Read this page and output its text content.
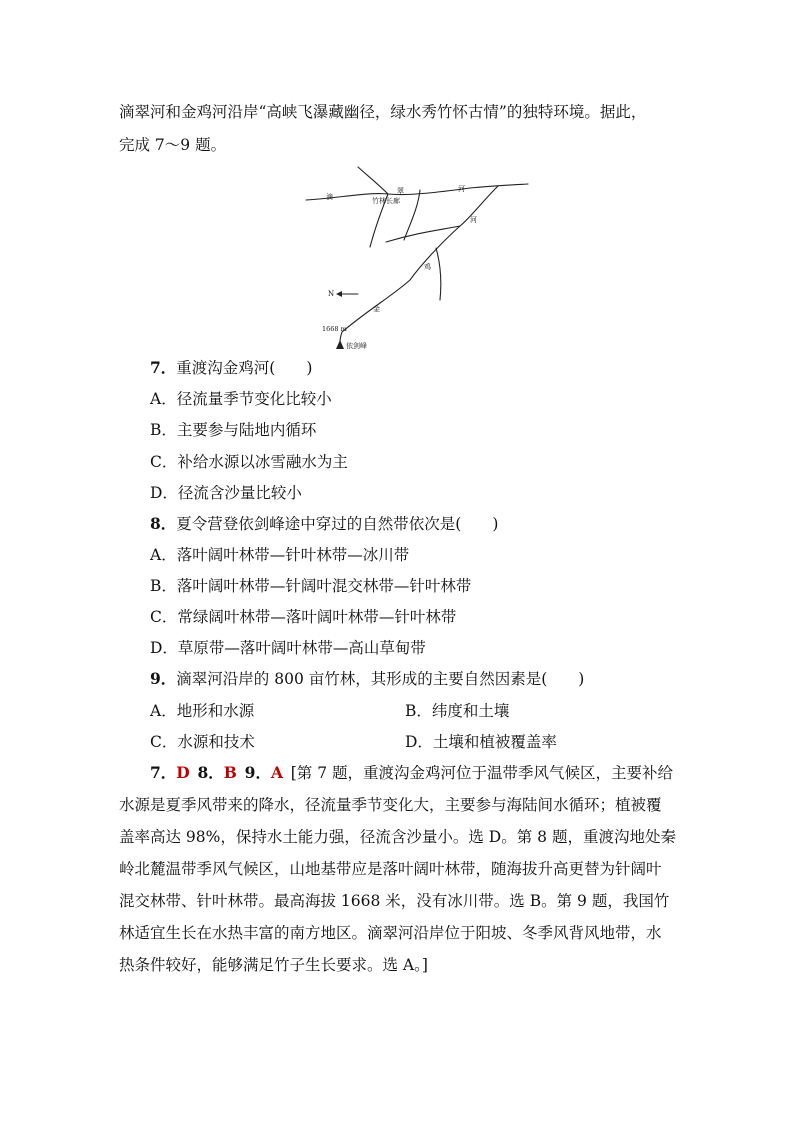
滴翠河和金鸡河沿岸“高峡飞瀑藏幽径，绿水秀竹怀古情”的独特环境。据此，

完成 7～9 题。

滴
翠	河
竹林长廊
河
鸡
金
N
1668 m
依剑峰
7．重渡沟金鸡河(　　)
A．径流量季节变化比较小
B．主要参与陆地内循环
C．补给水源以冰雪融水为主
D．径流含沙量比较小
8．夏令营登依剑峰途中穿过的自然带依次是(　　)
A．落叶阔叶林带—针叶林带—冰川带
B．落叶阔叶林带—针阔叶混交林带—针叶林带
C．常绿阔叶林带—落叶阔叶林带—针叶林带
D．草原带—落叶阔叶林带—高山草甸带
9．滴翠河沿岸的 800 亩竹林，其形成的主要自然因素是(　　)
A．地形和水源	B．纬度和土壤
C．水源和技术	D．土壤和植被覆盖率

7．D  8．B  9．A  [第 7 题，重渡沟金鸡河位于温带季风气候区，主要补给

水源是夏季风带来的降水，径流量季节变化大，主要参与海陆间水循环；植被覆

盖率高达 98%，保持水土能力强，径流含沙量小。选 D。第 8 题，重渡沟地处秦

岭北麓温带季风气候区，山地基带应是落叶阔叶林带，随海拔升高更替为针阔叶

混交林带、针叶林带。最高海拔 1668 米，没有冰川带。选 B。第 9 题，我国竹

林适宜生长在水热丰富的南方地区。滴翠河沿岸位于阳坡、冬季风背风地带，水

热条件较好，能够满足竹子生长要求。选 A。]
